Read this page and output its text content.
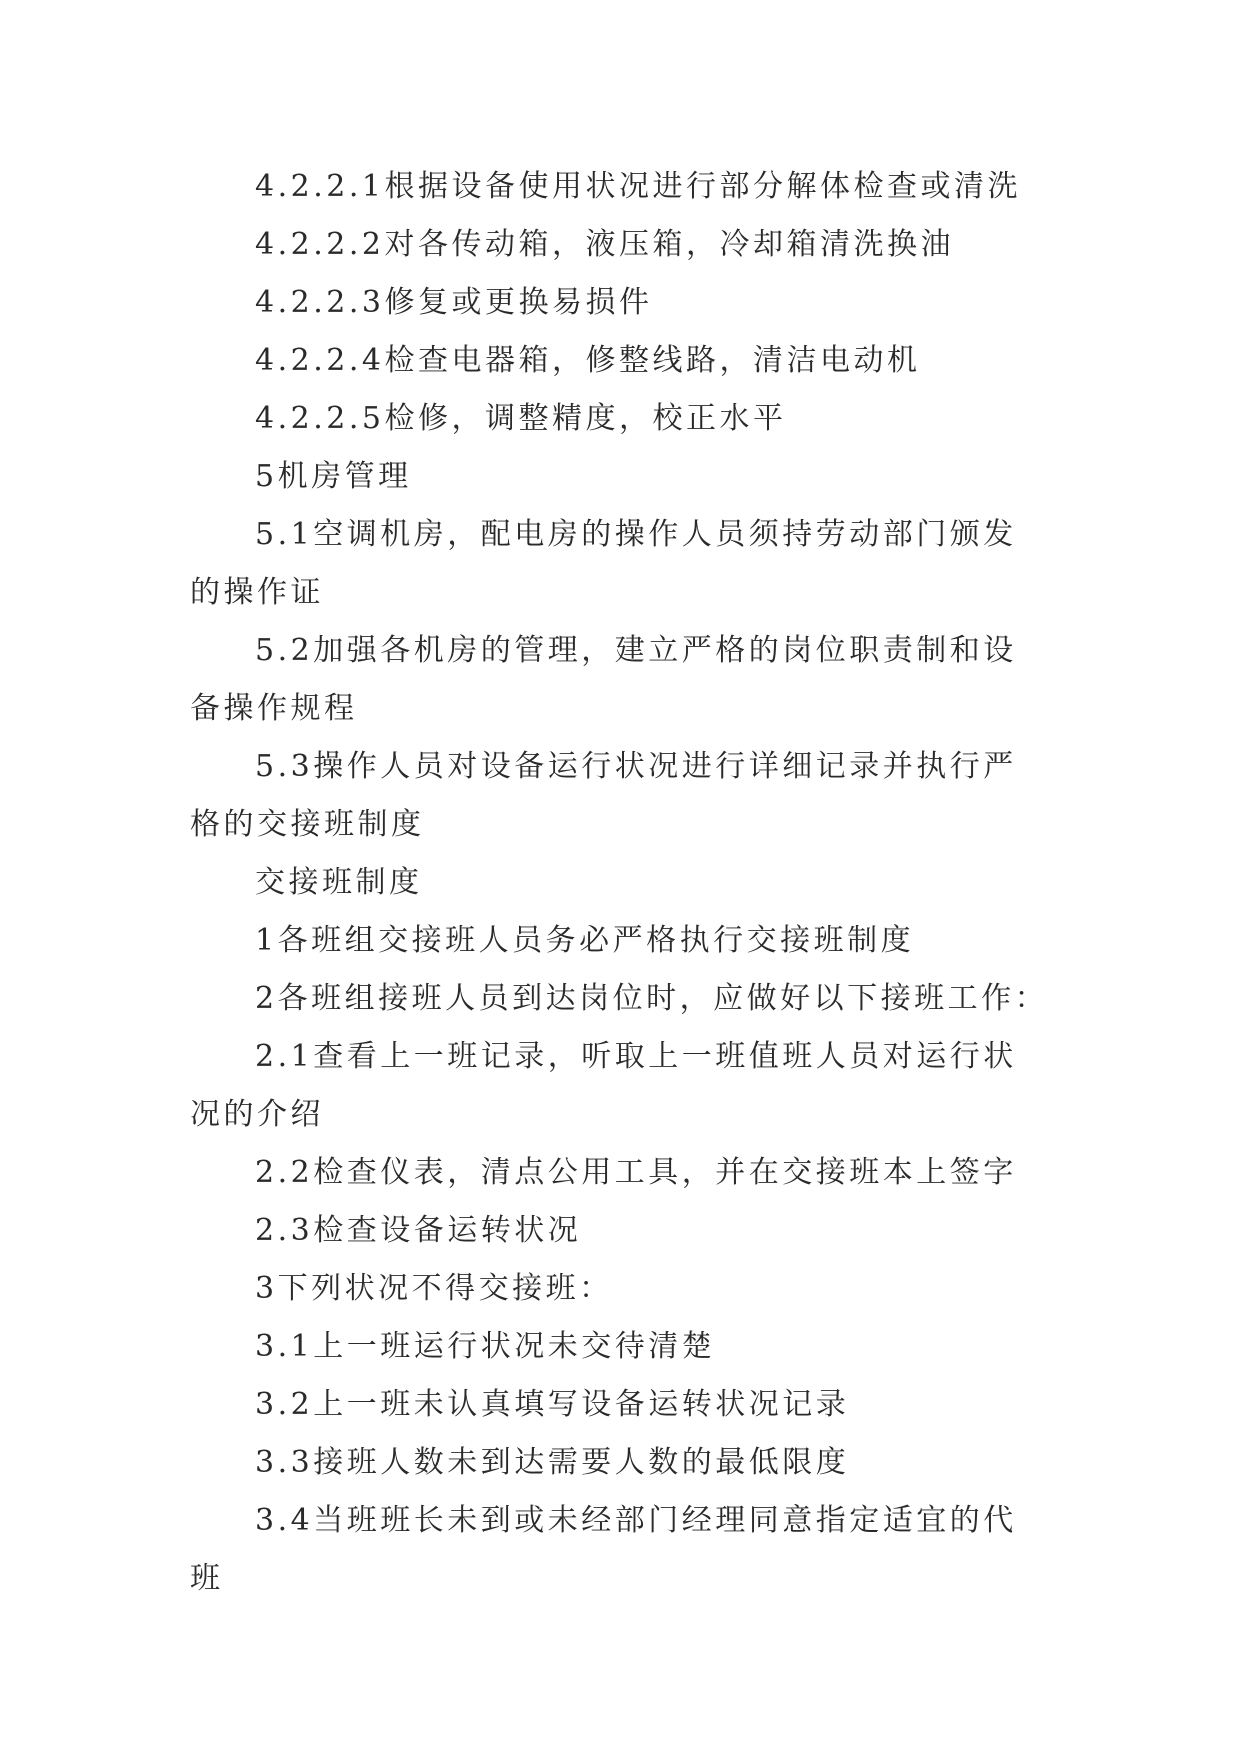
4.2.2.1根据设备使用状况进行部分解体检查或清洗

4.2.2.2对各传动箱，液压箱，冷却箱清洗换油

4.2.2.3修复或更换易损件

4.2.2.4检查电器箱，修整线路，清洁电动机

4.2.2.5检修，调整精度，校正水平

5机房管理

5.1空调机房，配电房的操作人员须持劳动部门颁发的操作证

5.2加强各机房的管理，建立严格的岗位职责制和设备操作规程

5.3操作人员对设备运行状况进行详细记录并执行严格的交接班制度

交接班制度

1各班组交接班人员务必严格执行交接班制度

2各班组接班人员到达岗位时，应做好以下接班工作：

2.1查看上一班记录，听取上一班值班人员对运行状况的介绍

2.2检查仪表，清点公用工具，并在交接班本上签字

2.3检查设备运转状况

3下列状况不得交接班：

3.1上一班运行状况未交待清楚

3.2上一班未认真填写设备运转状况记录

3.3接班人数未到达需要人数的最低限度

3.4当班班长未到或未经部门经理同意指定适宜的代班
